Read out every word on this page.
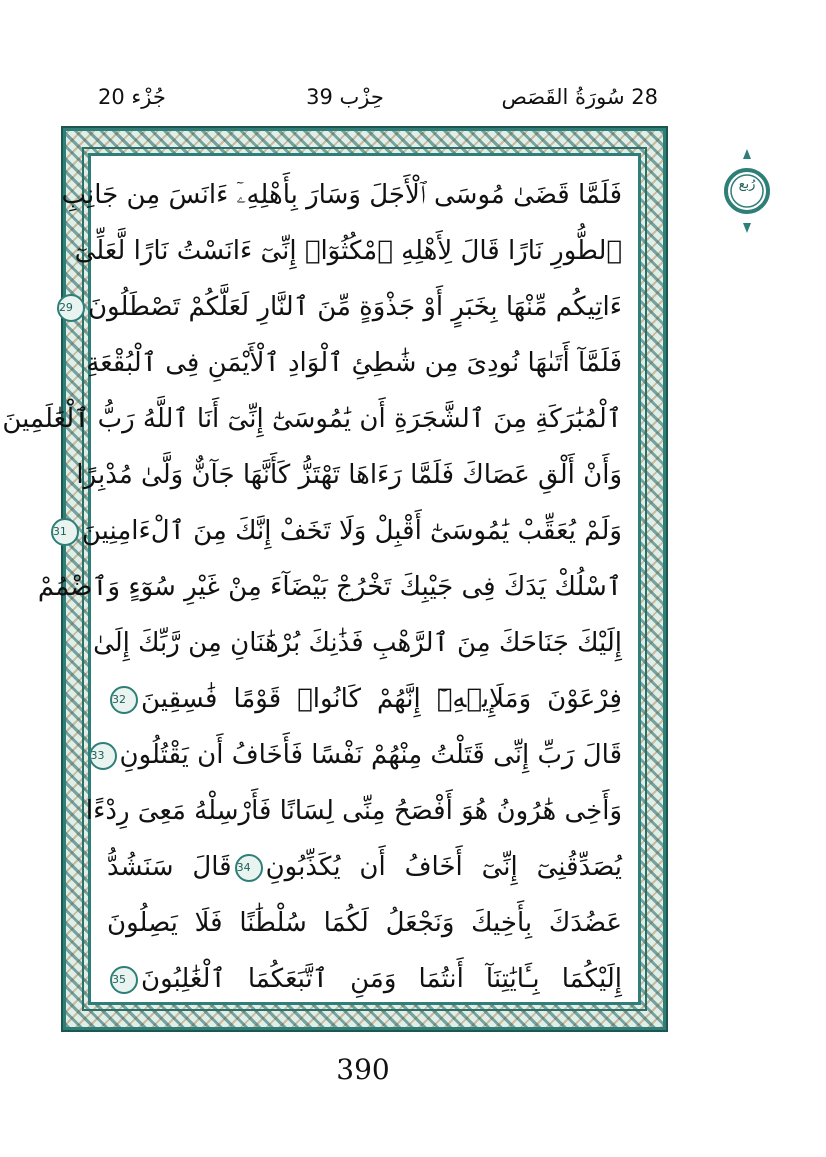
28 سُورَةُ القَصَص
حِزْب 39
جُزْء 20
فَلَمَّا قَضَىٰ مُوسَى ٱلْأَجَلَ وَسَارَ بِأَهْلِهِۦٓ ءَانَسَ مِن جَانِبِ
ٱلطُّورِ نَارًا قَالَ لِأَهْلِهِ ٱمْكُثُوٓا۟ إِنِّىٓ ءَانَسْتُ نَارًا لَّعَلِّىٓ
ءَاتِيكُم مِّنْهَا بِخَبَرٍ أَوْ جَذْوَةٍ مِّنَ ٱلنَّارِ لَعَلَّكُمْ تَصْطَلُونَ29
فَلَمَّآ أَتَىٰهَا نُودِىَ مِن شَٰطِئِ ٱلْوَادِ ٱلْأَيْمَنِ فِى ٱلْبُقْعَةِ
ٱلْمُبَٰرَكَةِ مِنَ ٱلشَّجَرَةِ أَن يَٰمُوسَىٰٓ إِنِّىٓ أَنَا ٱللَّهُ رَبُّ ٱلْعَٰلَمِينَ
وَأَنْ أَلْقِ عَصَاكَ فَلَمَّا رَءَاهَا تَهْتَزُّ كَأَنَّهَا جَآنٌّ وَلَّىٰ مُدْبِرًا
وَلَمْ يُعَقِّبْ يَٰمُوسَىٰٓ أَقْبِلْ وَلَا تَخَفْ إِنَّكَ مِنَ ٱلْءَامِنِينَ31
ٱسْلُكْ يَدَكَ فِى جَيْبِكَ تَخْرُجْ بَيْضَآءَ مِنْ غَيْرِ سُوٓءٍ وَٱضْمُمْ
إِلَيْكَ جَنَاحَكَ مِنَ ٱلرَّهْبِ فَذَٰنِكَ بُرْهَٰنَانِ مِن رَّبِّكَ إِلَىٰ
فِرْعَوْنَ وَمَلَإِي۟هِۦٓ إِنَّهُمْ كَانُوا۟ قَوْمًا فَٰسِقِينَ32
قَالَ رَبِّ إِنِّى قَتَلْتُ مِنْهُمْ نَفْسًا فَأَخَافُ أَن يَقْتُلُونِ33
وَأَخِى هَٰرُونُ هُوَ أَفْصَحُ مِنِّى لِسَانًا فَأَرْسِلْهُ مَعِىَ رِدْءًا
يُصَدِّقُنِىٓ إِنِّىٓ أَخَافُ أَن يُكَذِّبُونِ34قَالَ سَنَشُدُّ
عَضُدَكَ بِأَخِيكَ وَنَجْعَلُ لَكُمَا سُلْطَٰنًا فَلَا يَصِلُونَ
إِلَيْكُمَا بِـَٔايَٰتِنَآ أَنتُمَا وَمَنِ ٱتَّبَعَكُمَا ٱلْغَٰلِبُونَ35
رُبع
390
